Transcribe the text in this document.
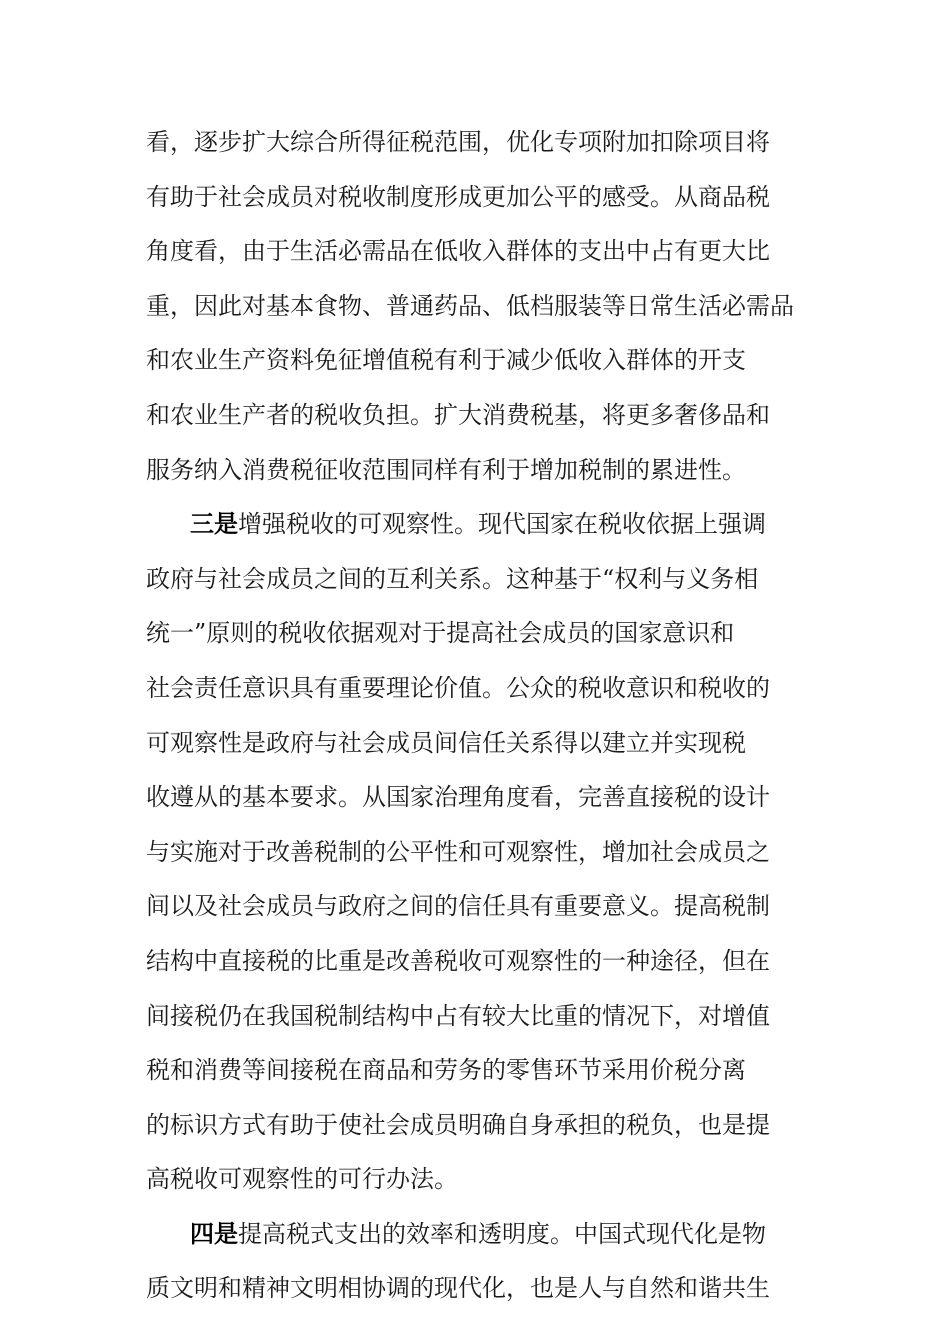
看，逐步扩大综合所得征税范围，优化专项附加扣除项目将
有助于社会成员对税收制度形成更加公平的感受。从商品税
角度看，由于生活必需品在低收入群体的支出中占有更大比
重，因此对基本食物、普通药品、低档服装等日常生活必需品
和农业生产资料免征增值税有利于减少低收入群体的开支
和农业生产者的税收负担。扩大消费税基，将更多奢侈品和
服务纳入消费税征收范围同样有利于增加税制的累进性。
三是增强税收的可观察性。现代国家在税收依据上强调
政府与社会成员之间的互利关系。这种基于“权利与义务相
统一”原则的税收依据观对于提高社会成员的国家意识和
社会责任意识具有重要理论价值。公众的税收意识和税收的
可观察性是政府与社会成员间信任关系得以建立并实现税
收遵从的基本要求。从国家治理角度看，完善直接税的设计
与实施对于改善税制的公平性和可观察性，增加社会成员之
间以及社会成员与政府之间的信任具有重要意义。提高税制
结构中直接税的比重是改善税收可观察性的一种途径，但在
间接税仍在我国税制结构中占有较大比重的情况下，对增值
税和消费等间接税在商品和劳务的零售环节采用价税分离
的标识方式有助于使社会成员明确自身承担的税负，也是提
高税收可观察性的可行办法。
四是提高税式支出的效率和透明度。中国式现代化是物
质文明和精神文明相协调的现代化，也是人与自然和谐共生
